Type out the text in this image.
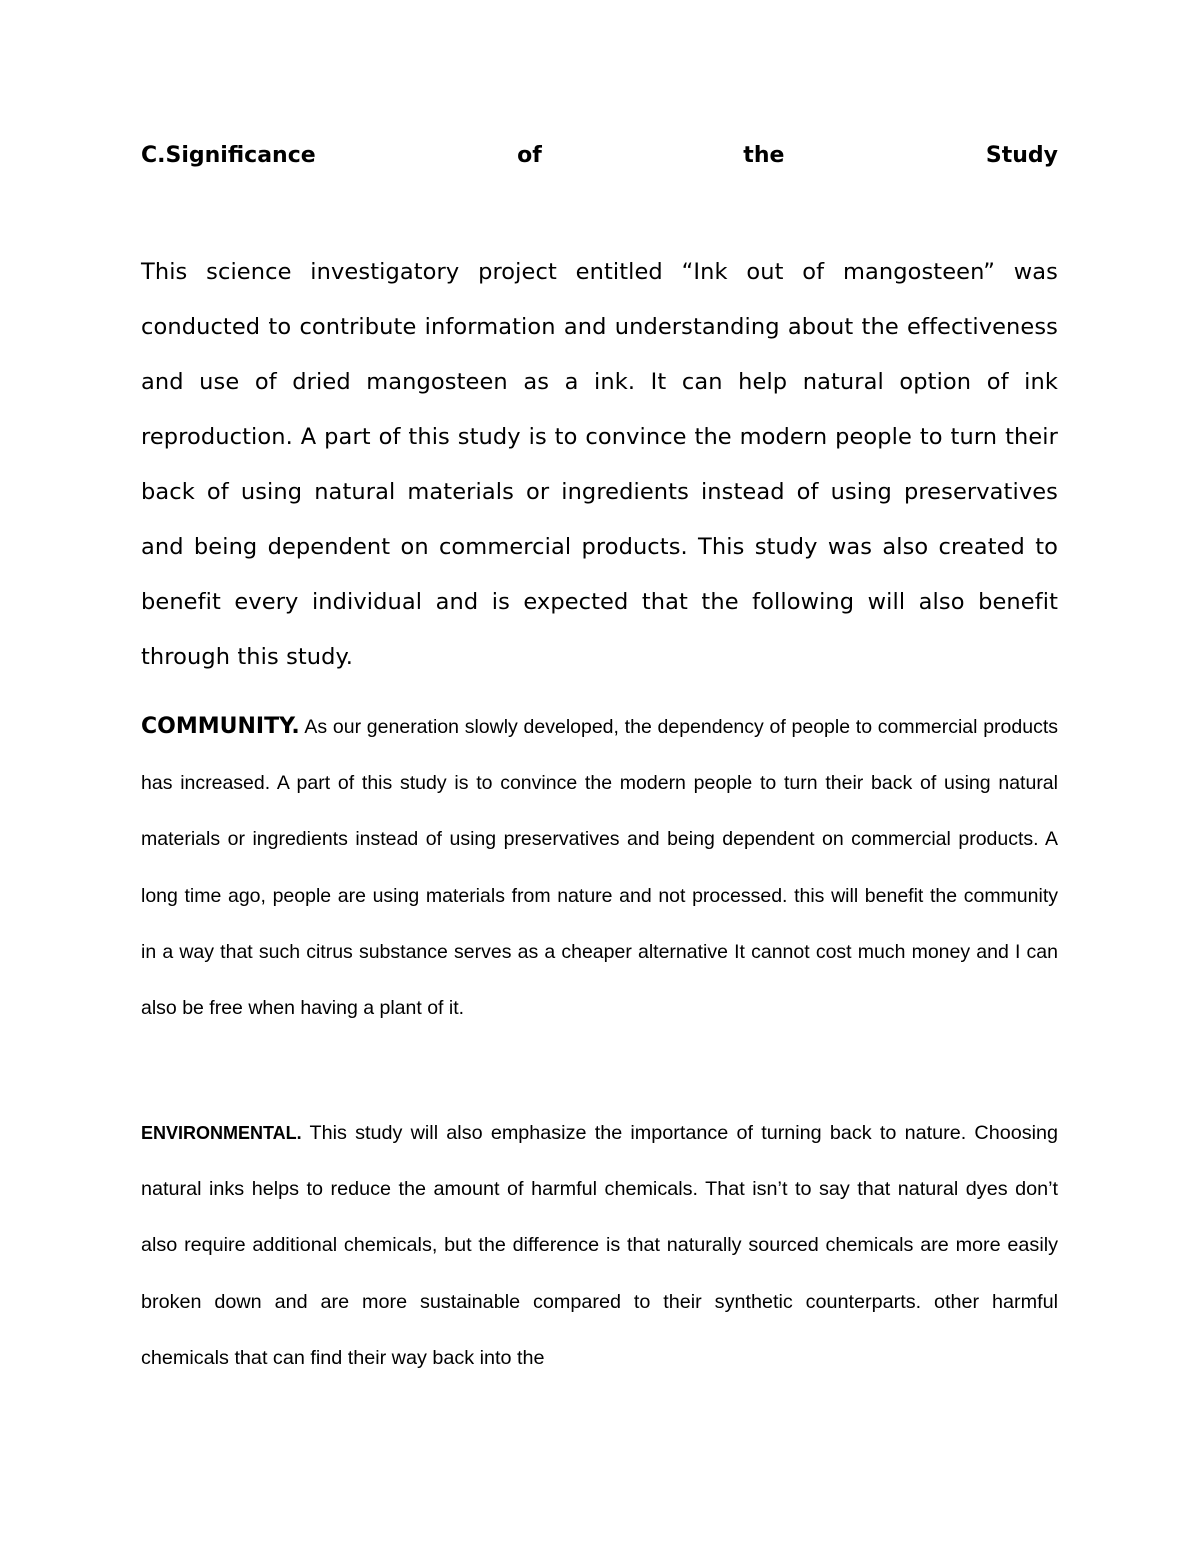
C.Significance	of	the	Study

This science investigatory project entitled “Ink out of mangosteen” was conducted to contribute information and understanding about the effectiveness and use of dried mangosteen as a ink. It can help natural option of ink reproduction. A part of this study is to convince the modern people to turn their back of using natural materials or ingredients instead of using preservatives and being dependent on commercial products. This study was also created to benefit every individual and is expected that the following will also benefit through this study.

COMMUNITY. As our generation slowly developed, the dependency of people to commercial products has increased. A part of this study is to convince the modern people to turn their back of using natural materials or ingredients instead of using preservatives and being dependent on commercial products. A long time ago, people are using materials from nature and not processed. this will benefit the community in a way that such citrus substance serves as a cheaper alternative It cannot cost much money and I can also be free when having a plant of it.

ENVIRONMENTAL. This study will also emphasize the importance of turning back to nature. Choosing natural inks helps to reduce the amount of harmful chemicals. That isn’t to say that natural dyes don’t also require additional chemicals, but the difference is that naturally sourced chemicals are more easily broken down and are more sustainable compared to their synthetic counterparts. other harmful chemicals that can find their way back into the
